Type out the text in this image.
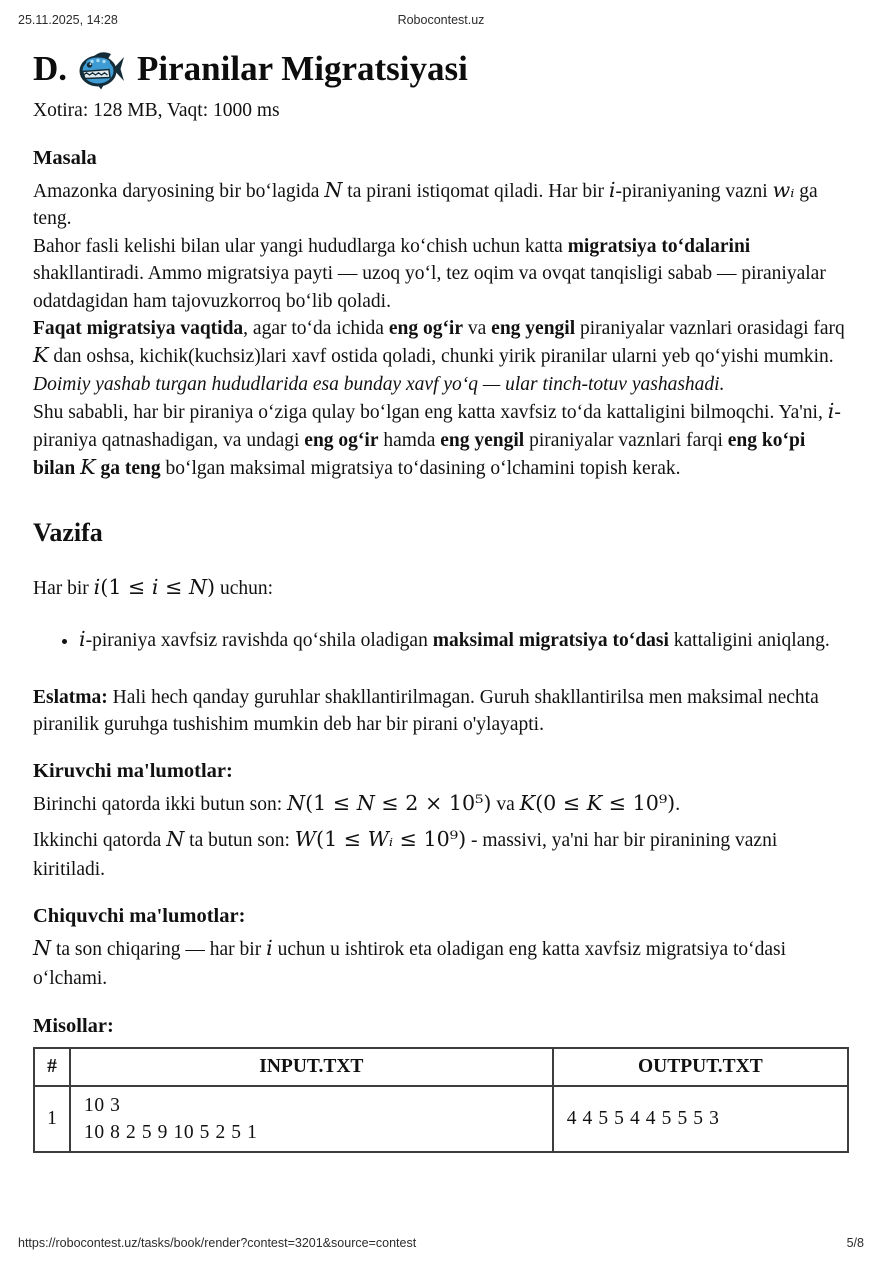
25.11.2025, 14:28	Robocontest.uz
D. Piranilar Migratsiyasi

Xotira: 128 MB, Vaqt: 1000 ms

Masala

Amazonka daryosining bir boʻlagida N ta pirani istiqomat qiladi. Har bir i-piraniyaning vazni wᵢ ga teng.

Bahor fasli kelishi bilan ular yangi hududlarga koʻchish uchun katta migratsiya toʻdalarini shakllantiradi. Ammo migratsiya payti — uzoq yoʻl, tez oqim va ovqat tanqisligi sabab — piraniyalar odatdagidan ham tajovuzkorroq boʻlib qoladi.

Faqat migratsiya vaqtida, agar toʻda ichida eng ogʻir va eng yengil piraniyalar vaznlari orasidagi farq K dan oshsa, kichik(kuchsiz)lari xavf ostida qoladi, chunki yirik piranilar ularni yeb qoʻyishi mumkin.

Doimiy yashab turgan hududlarida esa bunday xavf yoʻq — ular tinch-totuv yashashadi.

Shu sababli, har bir piraniya oʻziga qulay boʻlgan eng katta xavfsiz toʻda kattaligini bilmoqchi. Ya'ni, i-piraniya qatnashadigan, va undagi eng ogʻir hamda eng yengil piraniyalar vaznlari farqi eng koʻpi bilan K ga teng boʻlgan maksimal migratsiya toʻdasining oʻlchamini topish kerak.

Vazifa

Har bir i(1 ≤ i ≤ N) uchun:

• i-piraniya xavfsiz ravishda qoʻshila oladigan maksimal migratsiya toʻdasi kattaligini aniqlang.

Eslatma: Hali hech qanday guruhlar shakllantirilmagan. Guruh shakllantirilsa men maksimal nechta piranilik guruhga tushishim mumkin deb har bir pirani o'ylayapti.

Kiruvchi ma'lumotlar:

Birinchi qatorda ikki butun son: N(1 ≤ N ≤ 2 × 10⁵) va K(0 ≤ K ≤ 10⁹).

Ikkinchi qatorda N ta butun son: W(1 ≤ Wᵢ ≤ 10⁹) - massivi, ya'ni har bir piranining vazni kiritiladi.

Chiquvchi ma'lumotlar:

N ta son chiqaring — har bir i uchun u ishtirok eta oladigan eng katta xavfsiz migratsiya toʻdasi oʻlchami.

Misollar:
#	INPUT.TXT	OUTPUT.TXT
1	10 3
10 8 2 5 9 10 5 2 5 1	4 4 5 5 4 4 5 5 5 3
https://robocontest.uz/tasks/book/render?contest=3201&source=contest	5/8
